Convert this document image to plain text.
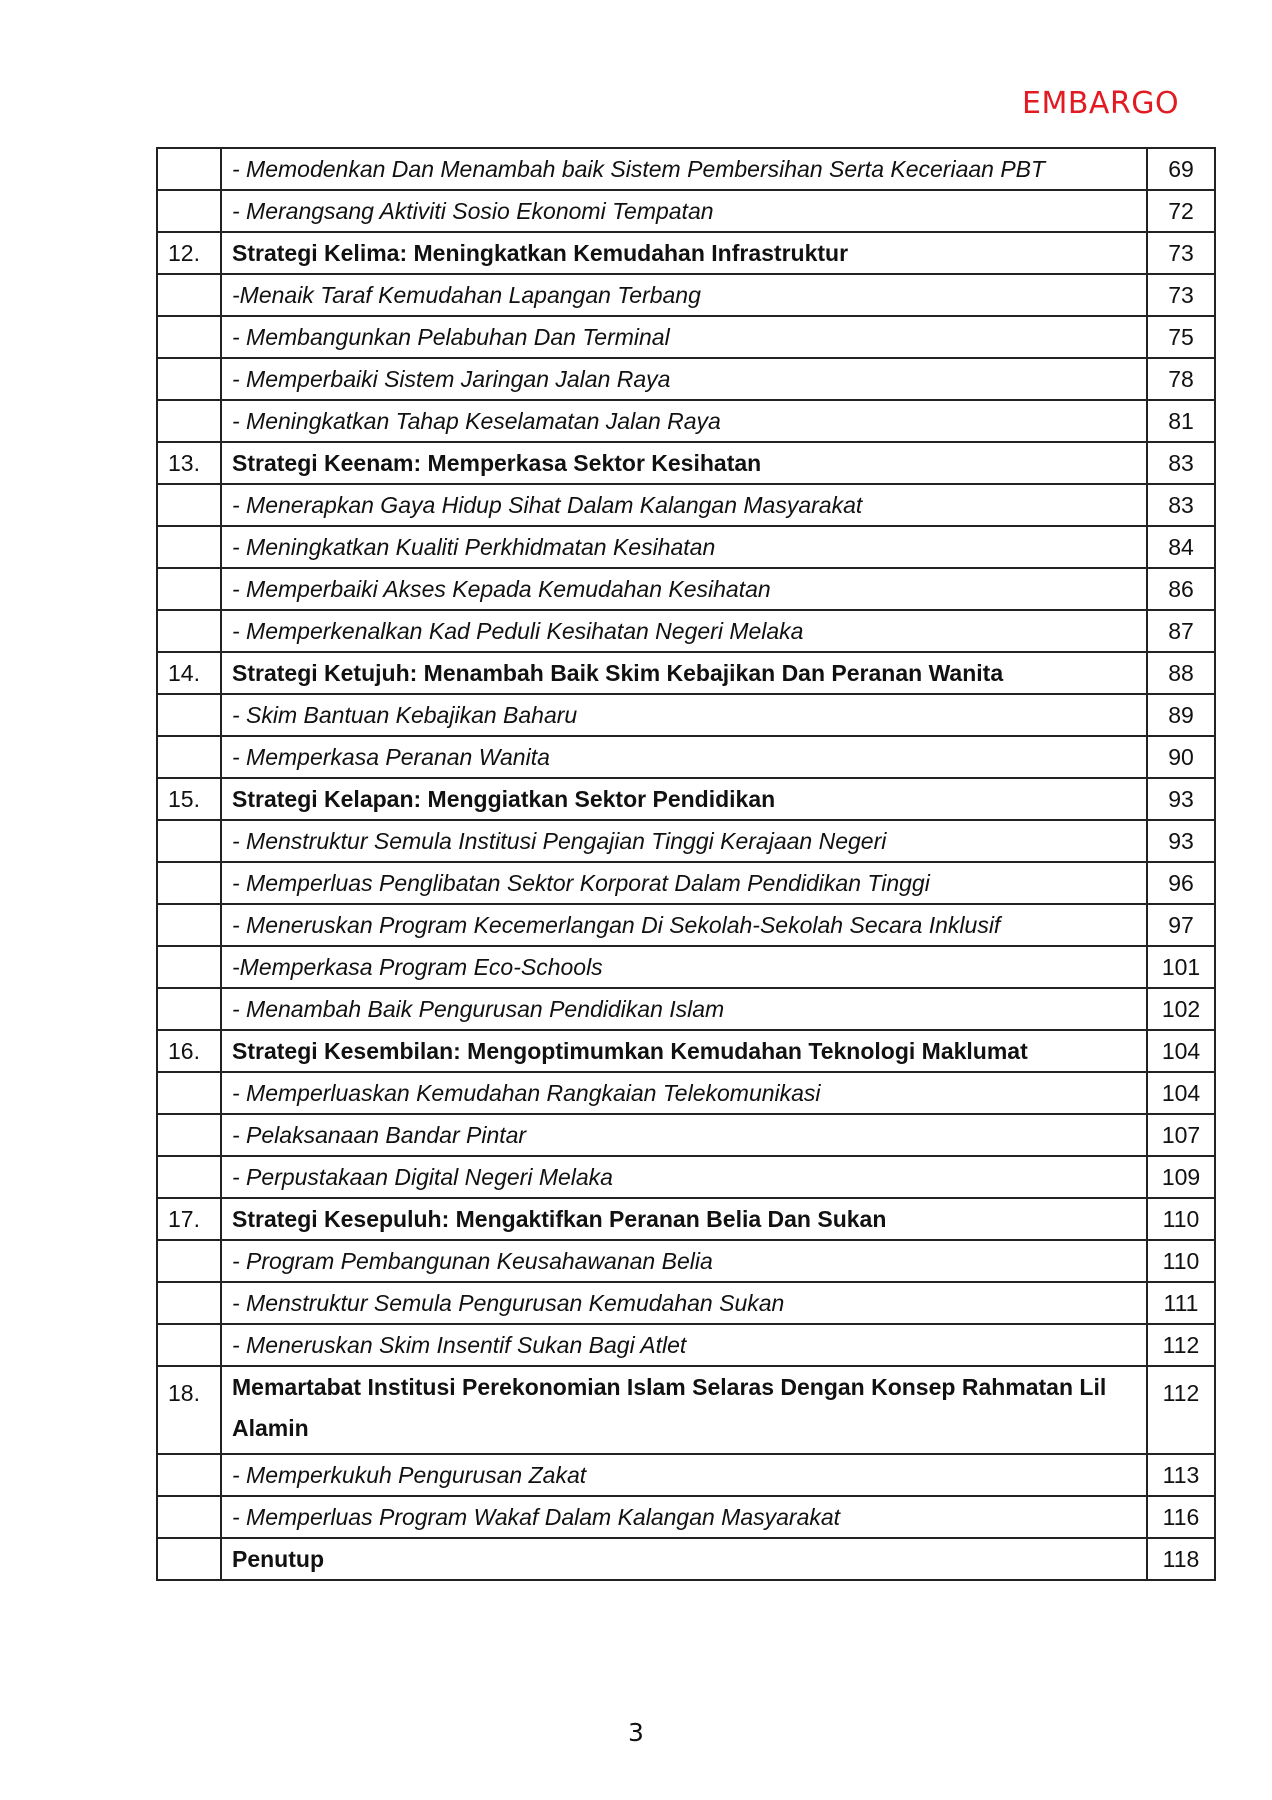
EMBARGO
	- Memodenkan Dan Menambah baik Sistem Pembersihan Serta Keceriaan PBT	69
	- Merangsang Aktiviti Sosio Ekonomi Tempatan	72
12.	Strategi Kelima: Meningkatkan Kemudahan Infrastruktur	73
	-Menaik Taraf Kemudahan Lapangan Terbang	73
	- Membangunkan Pelabuhan Dan Terminal	75
	- Memperbaiki Sistem Jaringan Jalan Raya	78
	- Meningkatkan Tahap Keselamatan Jalan Raya	81
13.	Strategi Keenam: Memperkasa Sektor Kesihatan	83
	- Menerapkan Gaya Hidup Sihat Dalam Kalangan Masyarakat	83
	- Meningkatkan Kualiti Perkhidmatan Kesihatan	84
	- Memperbaiki Akses Kepada Kemudahan Kesihatan	86
	- Memperkenalkan Kad Peduli Kesihatan Negeri Melaka	87
14.	Strategi Ketujuh: Menambah Baik Skim Kebajikan Dan Peranan Wanita	88
	- Skim Bantuan Kebajikan Baharu	89
	- Memperkasa Peranan Wanita	90
15.	Strategi Kelapan: Menggiatkan Sektor Pendidikan	93
	- Menstruktur Semula Institusi Pengajian Tinggi Kerajaan Negeri	93
	- Memperluas Penglibatan Sektor Korporat Dalam Pendidikan Tinggi	96
	- Meneruskan Program Kecemerlangan Di Sekolah-Sekolah Secara Inklusif	97
	-Memperkasa Program Eco-Schools	101
	- Menambah Baik Pengurusan Pendidikan Islam	102
16.	Strategi Kesembilan: Mengoptimumkan Kemudahan Teknologi Maklumat	104
	- Memperluaskan Kemudahan Rangkaian Telekomunikasi	104
	- Pelaksanaan Bandar Pintar	107
	- Perpustakaan Digital Negeri Melaka	109
17.	Strategi Kesepuluh: Mengaktifkan Peranan Belia Dan Sukan	110
	- Program Pembangunan Keusahawanan Belia	110
	- Menstruktur Semula Pengurusan Kemudahan Sukan	111
	- Meneruskan Skim Insentif Sukan Bagi Atlet	112
18.	Memartabat Institusi Perekonomian Islam Selaras Dengan Konsep Rahmatan Lil Alamin	112
	- Memperkukuh Pengurusan Zakat	113
	- Memperluas Program Wakaf Dalam Kalangan Masyarakat	116
	Penutup	118
3
